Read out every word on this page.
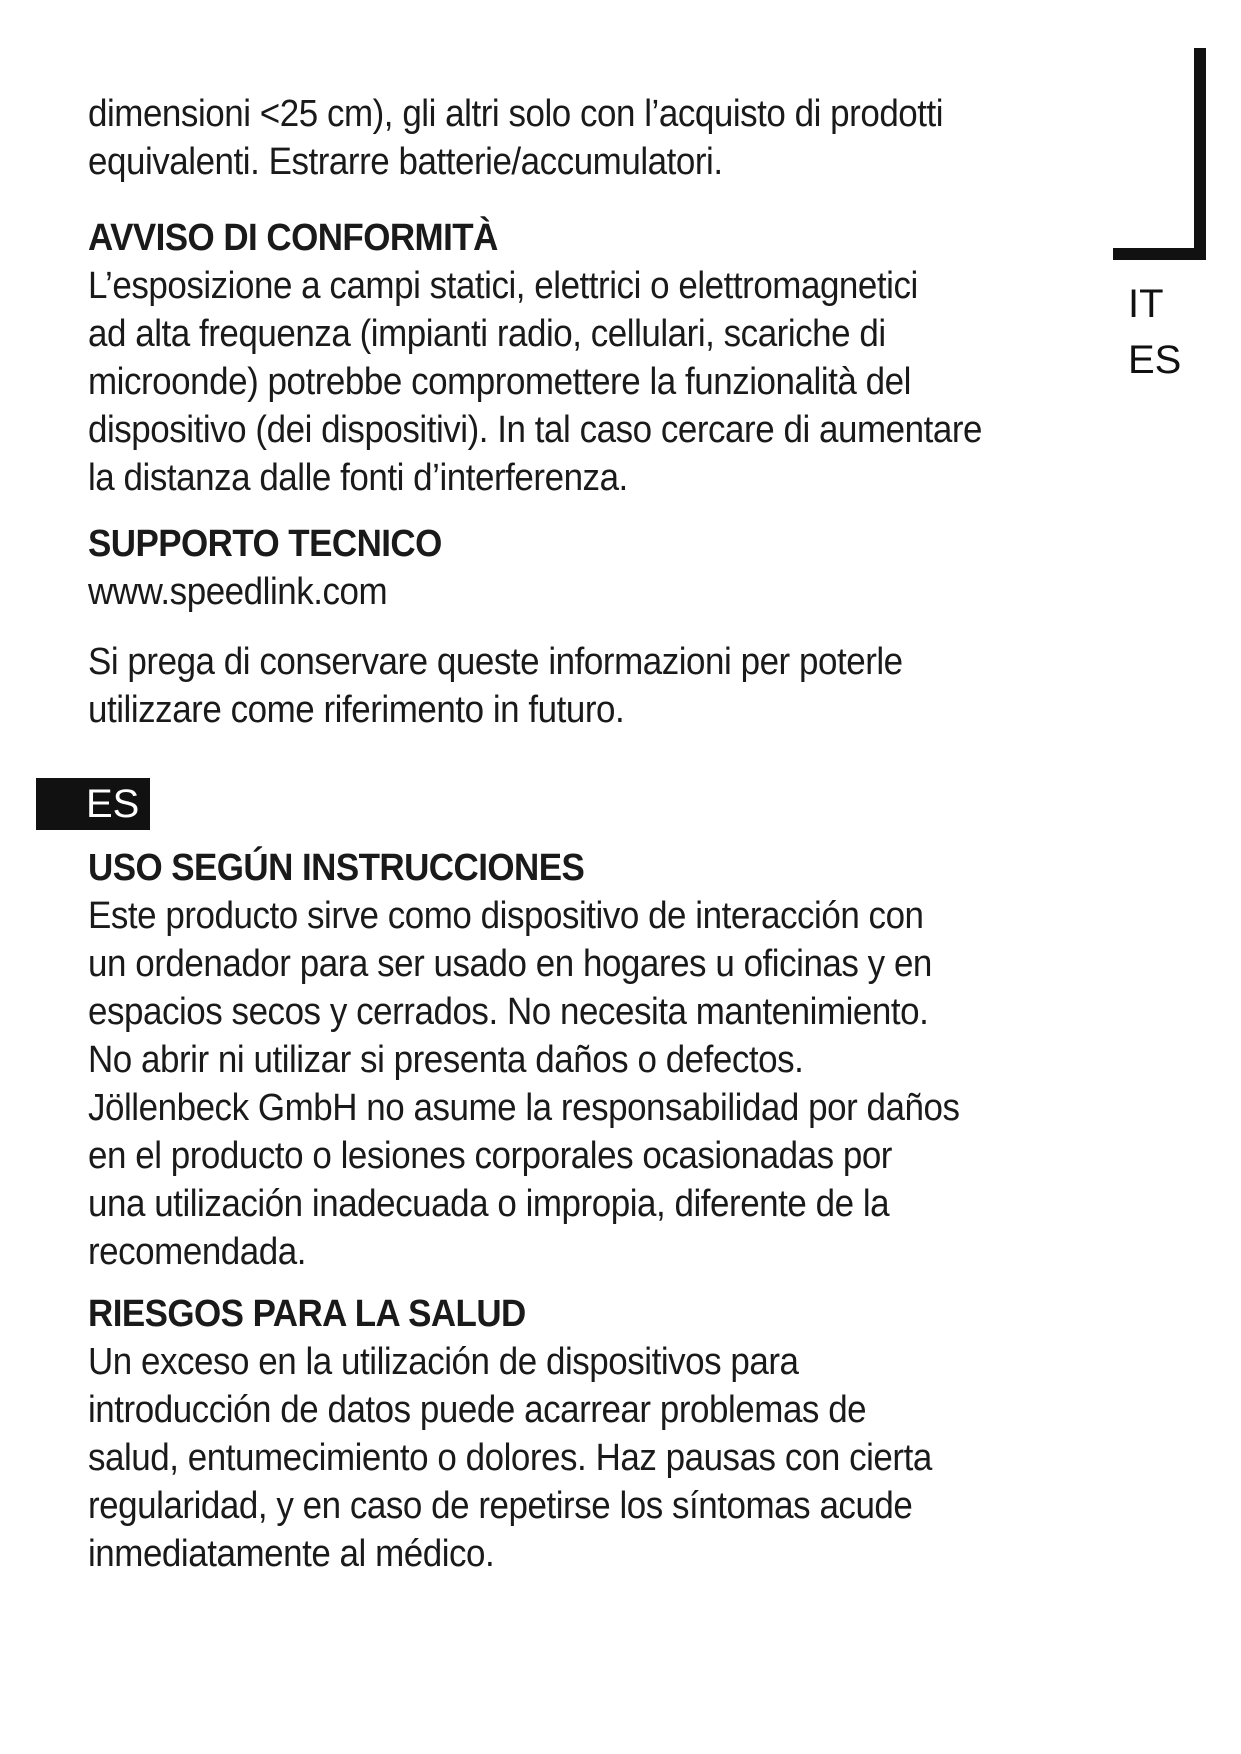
IT
ES
ES

dimensioni <25 cm), gli altri solo con l’acquisto di prodotti
equivalenti. Estrarre batterie/accumulatori.

AVVISO DI CONFORMITÀ

L’esposizione a campi statici, elettrici o elettromagnetici
ad alta frequenza (impianti radio, cellulari, scariche di
microonde) potrebbe compromettere la funzionalità del
dispositivo (dei dispositivi). In tal caso cercare di aumentare
la distanza dalle fonti d’interferenza.

SUPPORTO TECNICO

www.speedlink.com

Si prega di conservare queste informazioni per poterle
utilizzare come riferimento in futuro.

USO SEGÚN INSTRUCCIONES

Este producto sirve como dispositivo de interacción con
un ordenador para ser usado en hogares u oficinas y en
espacios secos y cerrados. No necesita mantenimiento.
No abrir ni utilizar si presenta daños o defectos.
Jöllenbeck GmbH no asume la responsabilidad por daños
en el producto o lesiones corporales ocasionadas por
una utilización inadecuada o impropia, diferente de la
recomendada.

RIESGOS PARA LA SALUD

Un exceso en la utilización de dispositivos para
introducción de datos puede acarrear problemas de
salud, entumecimiento o dolores. Haz pausas con cierta
regularidad, y en caso de repetirse los síntomas acude
inmediatamente al médico.
